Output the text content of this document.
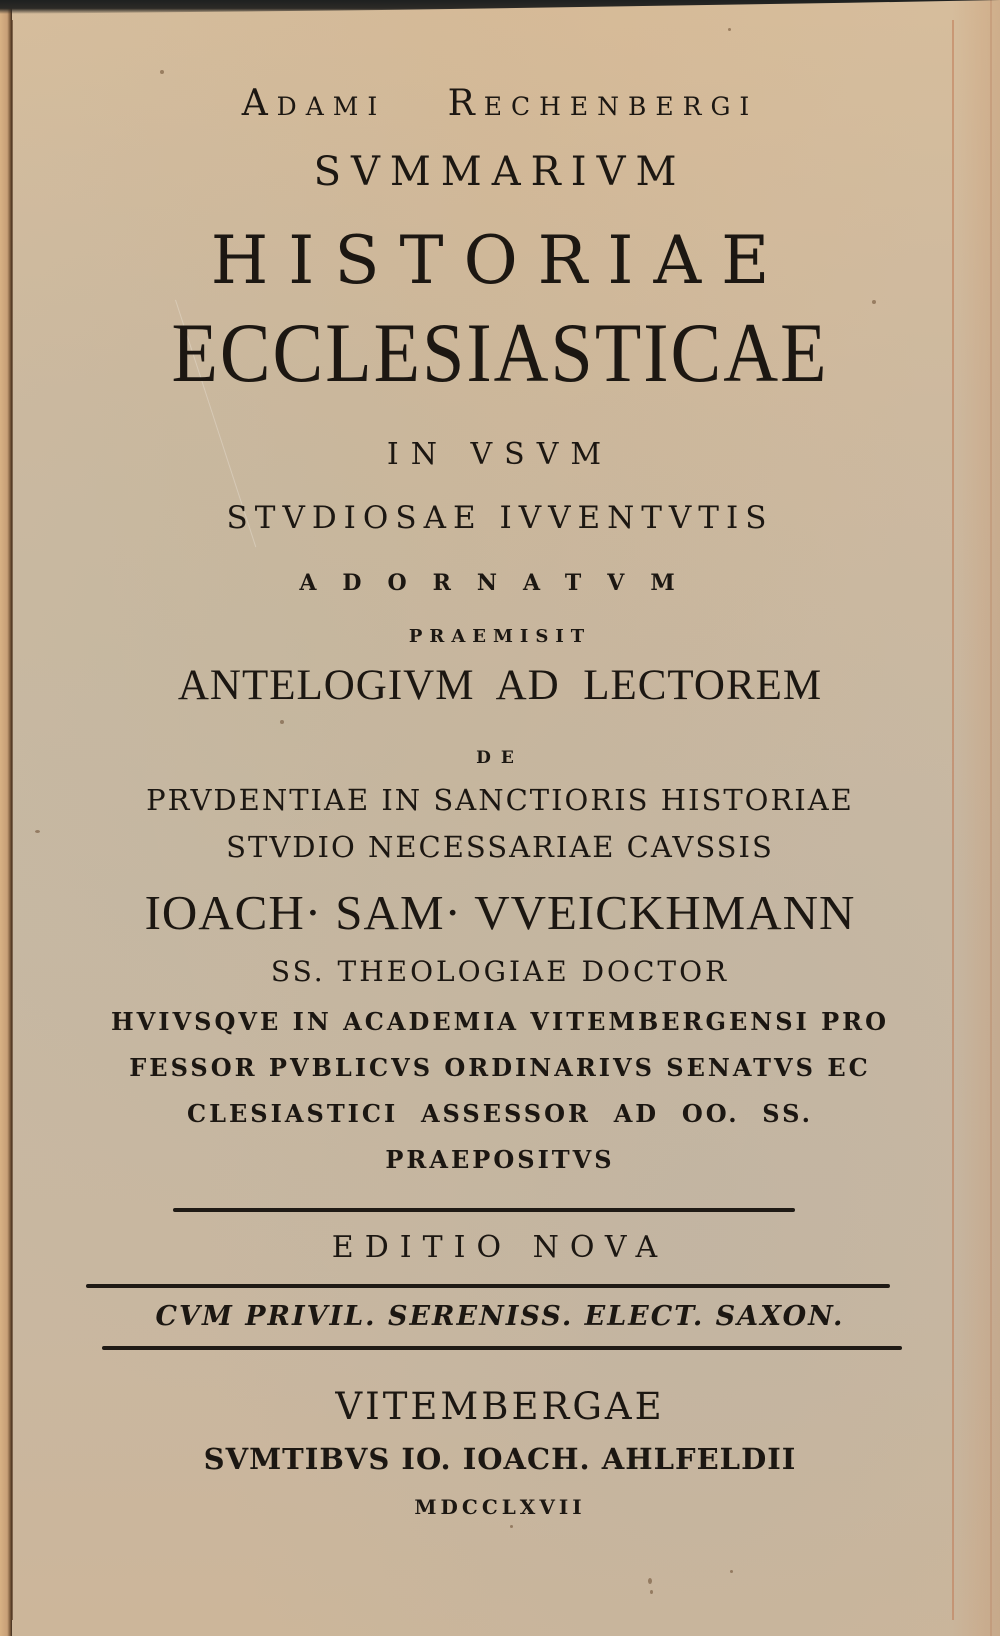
Adami Rechenbergi
SVMMARIVM
HISTORIAE
ECCLESIASTICAE
IN VSVM
STVDIOSAE IVVENTVTIS
ADORNATVM
PRAEMISIT
ANTELOGIVM  AD  LECTOREM
DE
PRVDENTIAE IN SANCTIORIS HISTORIAE
STVDIO NECESSARIAE CAVSSIS
IOACH· SAM· VVEICKHMANN
SS. THEOLOGIAE DOCTOR
HVIVSQVE IN ACADEMIA VITEMBERGENSI PRO
FESSOR PVBLICVS ORDINARIVS SENATVS EC
CLESIASTICI  ASSESSOR  AD  OO.  SS.
PRAEPOSITVS
EDITIO NOVA
CVM PRIVIL. SERENISS. ELECT. SAXON.
VITEMBERGAE
SVMTIBVS IO. IOACH. AHLFELDII
MDCCLXVII
